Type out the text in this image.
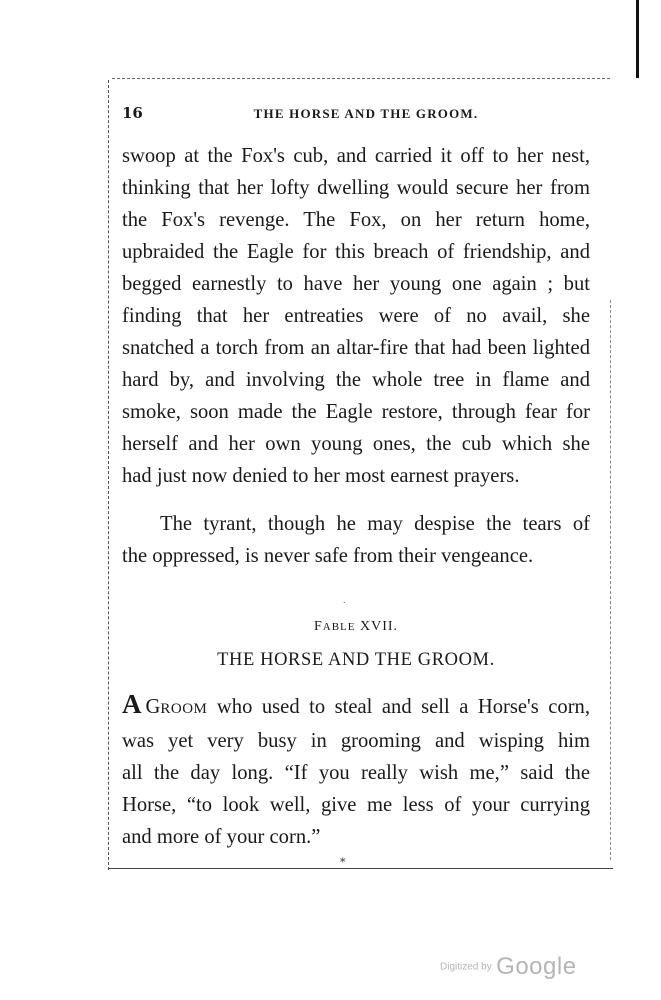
16	THE HORSE AND THE GROOM.
swoop at the Fox's cub, and carried it off to her nest,
thinking that her lofty dwelling would secure her from
the Fox's revenge. The Fox, on her return home,
upbraided the Eagle for this breach of friendship, and
begged earnestly to have her young one again ; but
finding that her entreaties were of no avail, she
snatched a torch from an altar-fire that had been lighted
hard by, and involving the whole tree in flame and
smoke, soon made the Eagle restore, through fear for
herself and her own young ones, the cub which she
had just now denied to her most earnest prayers.
The tyrant, though he may despise the tears of
the oppressed, is never safe from their vengeance.
˙
FABLE XVII.
THE HORSE AND THE GROOM.
A GROOM who used to steal and sell a Horse's corn,
was yet very busy in grooming and wisping him
all the day long. “If you really wish me,” said the
Horse, “to look well, give me less of your currying
and more of your corn.”
⁎
Digitized by Google
